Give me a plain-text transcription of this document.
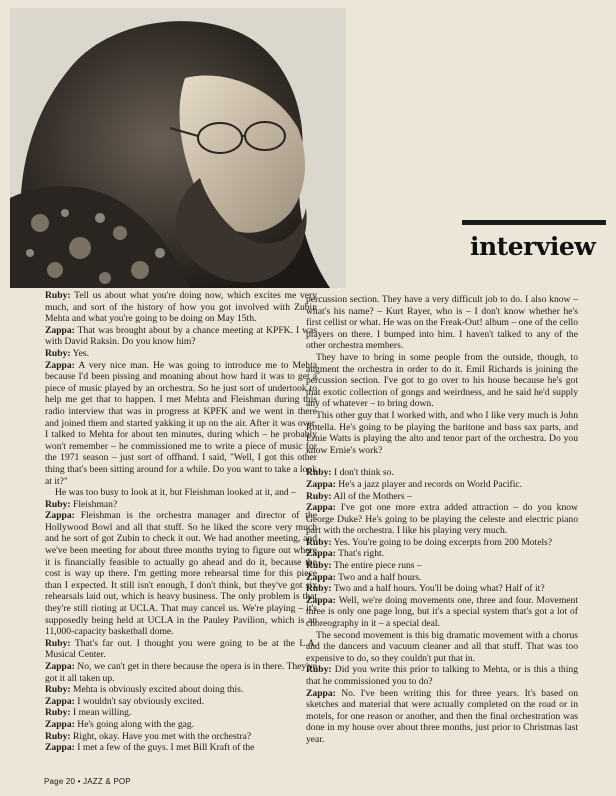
interview

Ruby: Tell us about what you're doing now, which excites me very much, and sort of the history of how you got involved with Zubin Mehta and what you're going to be doing on May 15th.

Zappa: That was brought about by a chance meeting at KPFK. I was with David Raksin. Do you know him?

Ruby: Yes.

Zappa: A very nice man. He was going to introduce me to Mehta because I'd been pissing and moaning about how hard it was to get a piece of music played by an orchestra. So he just sort of undertook to help me get that to happen. I met Mehta and Fleishman during this radio interview that was in progress at KPFK and we went in there and joined them and started yakking it up on the air. After it was over, I talked to Mehta for about ten minutes, during which – he probably won't remember – he commissioned me to write a piece of music for the 1971 season – just sort of offhand. I said, "Well, I got this other thing that's been sitting around for a while. Do you want to take a look at it?"

He was too busy to look at it, but Fleishman looked at it, and –

Ruby: Fleishman?

Zappa: Fleishman is the orchestra manager and director of the Hollywood Bowl and all that stuff. So he liked the score very much and he sort of got Zubin to check it out. We had another meeting, and we've been meeting for about three months trying to figure out where it is financially feasible to actually go ahead and do it, because the cost is way up there. I'm getting more rehearsal time for this piece than I expected. It still isn't enough, I don't think, but they've got six rehearsals laid out, which is heavy business. The only problem is that they're still rioting at UCLA. That may cancel us. We're playing – it's supposedly being held at UCLA in the Pauley Pavilion, which is an 11,000-capacity basketball dome.

Ruby: That's far out. I thought you were going to be at the L.A. Musical Center.

Zappa: No, we can't get in there because the opera is in there. They've got it all taken up.

Ruby: Mehta is obviously excited about doing this.

Zappa: I wouldn't say obviously excited.

Ruby: I mean willing.

Zappa: He's going along with the gag.

Ruby: Right, okay. Have you met with the orchestra?

Zappa: I met a few of the guys. I met Bill Kraft of the

percussion section. They have a very difficult job to do. I also know – what's his name? – Kurt Rayer, who is – I don't know whether he's first cellist or what. He was on the Freak-Out! album – one of the cello players on there. I bumped into him. I haven't talked to any of the other orchestra members.

They have to bring in some people from the outside, though, to augment the orchestra in order to do it. Emil Richards is joining the percussion section. I've got to go over to his house because he's got that exotic collection of gongs and weirdness, and he said he'd supply any of whatever – to bring down.

This other guy that I worked with, and who I like very much is John Rotella. He's going to be playing the baritone and bass sax parts, and Ernie Watts is playing the alto and tenor part of the orchestra. Do you know Ernie's work?

Ruby: I don't think so.

Zappa: He's a jazz player and records on World Pacific.

Ruby: All of the Mothers –

Zappa: I've got one more extra added attraction – do you know George Duke? He's going to be playing the celeste and electric piano part with the orchestra. I like his playing very much.

Ruby: Yes. You're going to be doing excerpts from 200 Motels?

Zappa: That's right.

Ruby: The entire piece runs –

Zappa: Two and a half hours.

Ruby: Two and a half hours. You'll be doing what? Half of it?

Zappa: Well, we're doing movements one, three and four. Movement three is only one page long, but it's a special system that's got a lot of choreography in it – a special deal.

The second movement is this big dramatic movement with a chorus and the dancers and vacuum cleaner and all that stuff. That was too expensive to do, so they couldn't put that in.

Ruby: Did you write this prior to talking to Mehta, or is this a thing that he commissioned you to do?

Zappa: No. I've been writing this for three years. It's based on sketches and material that were actually completed on the road or in motels, for one reason or another, and then the final orchestration was done in my house over about three months, just prior to Christmas last year.

Page 20 • JAZZ & POP
